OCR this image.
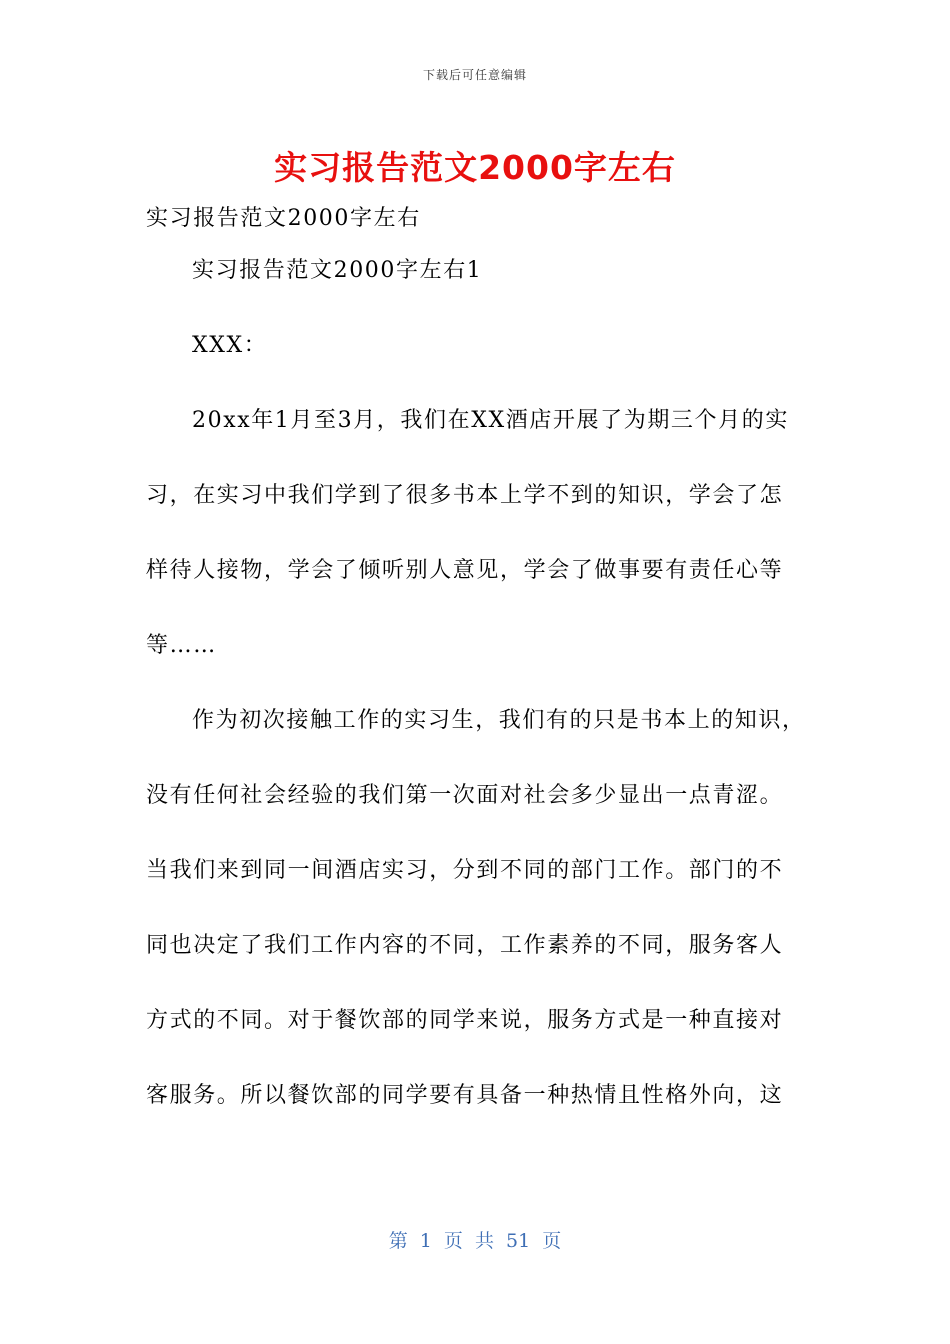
下载后可任意编辑
实习报告范文2000字左右
实习报告范文2000字左右
实习报告范文2000字左右1
XXX：
20xx年1月至3月，我们在XX酒店开展了为期三个月的实
习，在实习中我们学到了很多书本上学不到的知识，学会了怎
样待人接物，学会了倾听别人意见，学会了做事要有责任心等
等……
作为初次接触工作的实习生，我们有的只是书本上的知识，
没有任何社会经验的我们第一次面对社会多少显出一点青涩。
当我们来到同一间酒店实习，分到不同的部门工作。部门的不
同也决定了我们工作内容的不同，工作素养的不同，服务客人
方式的不同。对于餐饮部的同学来说，服务方式是一种直接对
客服务。所以餐饮部的同学要有具备一种热情且性格外向，这
第 1 页 共 51 页
